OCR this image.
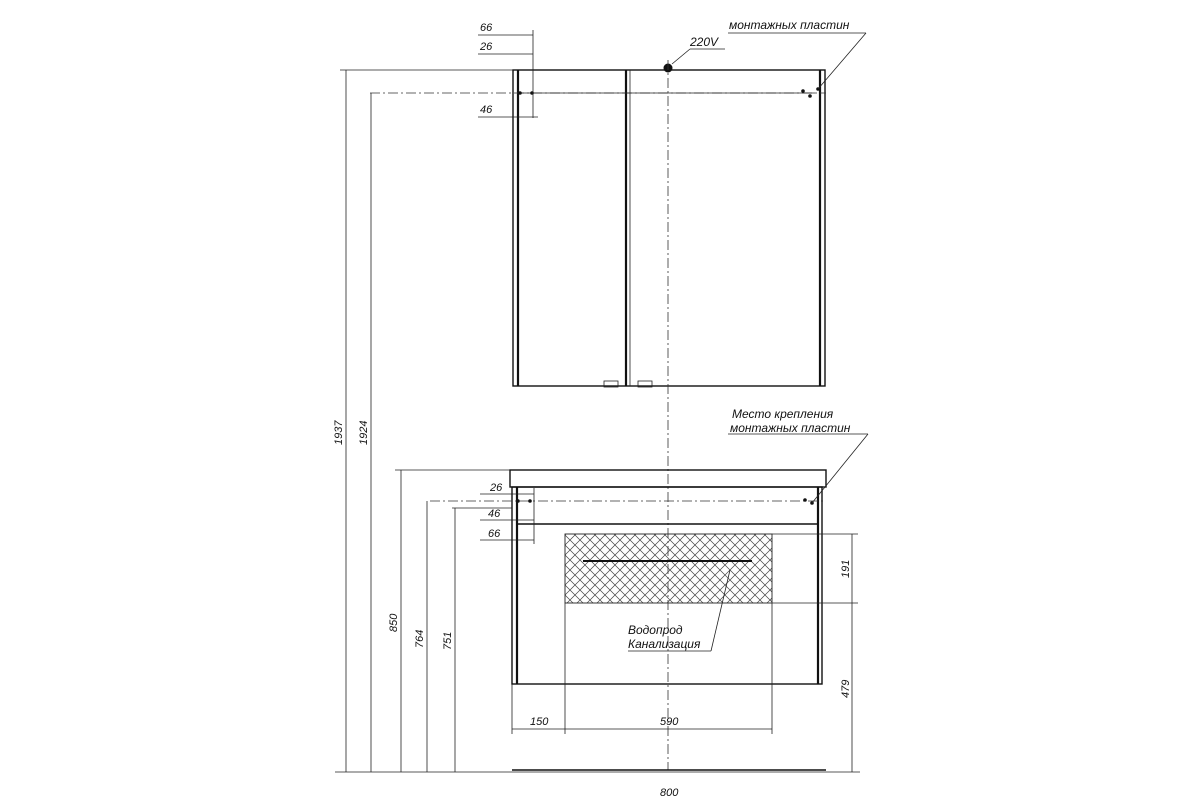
220V
монтажных пластин
66
26
46
Место крепления
монтажных пластин
Водопрод
Канализация
26
46
66
191
479
1937 1924
850
764 751
150	590
800
